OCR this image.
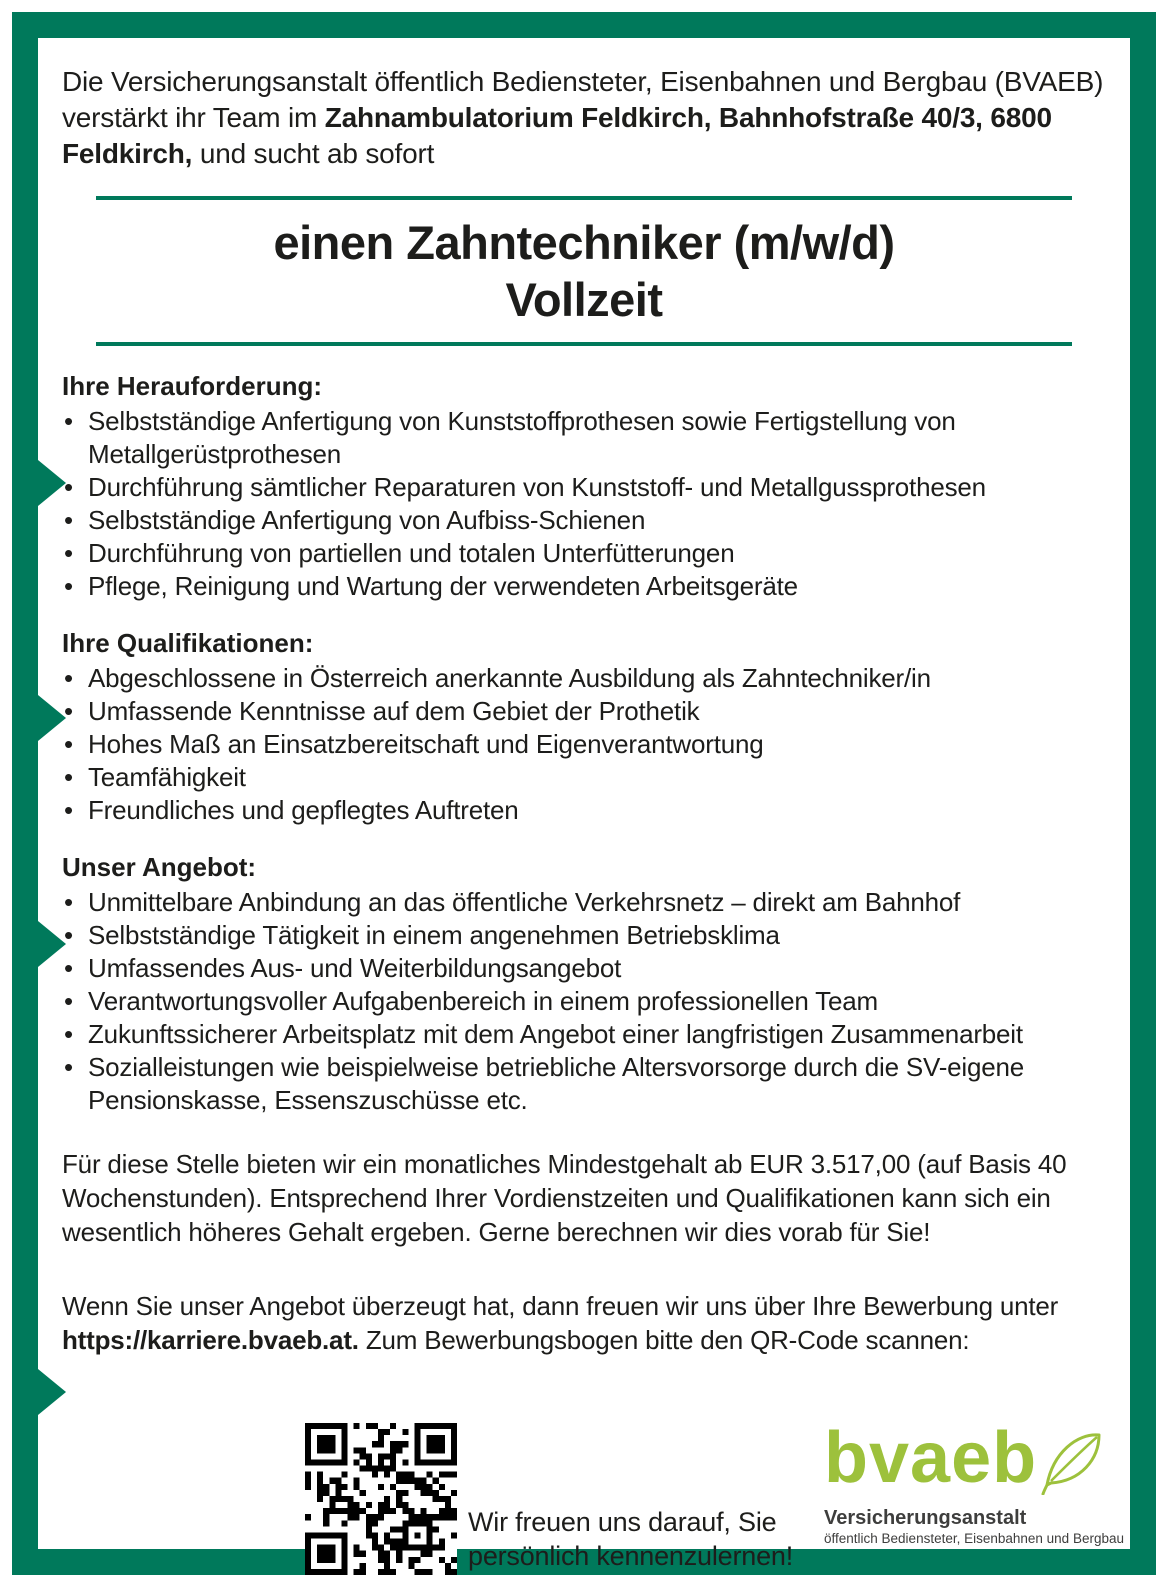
Die Versicherungsanstalt öffentlich Bediensteter, Eisenbahnen und Bergbau (BVAEB) verstärkt ihr Team im Zahnambulatorium Feldkirch, Bahnhofstraße 40/3, 6800 Feldkirch, und sucht ab sofort

einen Zahntechniker (m/w/d)
Vollzeit
Ihre Herauforderung:
• Selbstständige Anfertigung von Kunststoffprothesen sowie Fertigstellung von Metallgerüstprothesen
• Durchführung sämtlicher Reparaturen von Kunststoff- und Metallgussprothesen
• Selbstständige Anfertigung von Aufbiss-Schienen
• Durchführung von partiellen und totalen Unterfütterungen
• Pflege, Reinigung und Wartung der verwendeten Arbeitsgeräte
Ihre Qualifikationen:
• Abgeschlossene in Österreich anerkannte Ausbildung als Zahntechniker/in
• Umfassende Kenntnisse auf dem Gebiet der Prothetik
• Hohes Maß an Einsatzbereitschaft und Eigenverantwortung
• Teamfähigkeit
• Freundliches und gepflegtes Auftreten
Unser Angebot:
• Unmittelbare Anbindung an das öffentliche Verkehrsnetz – direkt am Bahnhof
• Selbstständige Tätigkeit in einem angenehmen Betriebsklima
• Umfassendes Aus- und Weiterbildungsangebot
• Verantwortungsvoller Aufgabenbereich in einem professionellen Team
• Zukunftssicherer Arbeitsplatz mit dem Angebot einer langfristigen Zusammenarbeit
• Sozialleistungen wie beispielweise betriebliche Altersvorsorge durch die SV-eigene Pensionskasse, Essenszuschüsse etc.

Für diese Stelle bieten wir ein monatliches Mindestgehalt ab EUR 3.517,00 (auf Basis 40 Wochenstunden). Entsprechend Ihrer Vordienstzeiten und Qualifikationen kann sich ein wesentlich höheres Gehalt ergeben. Gerne berechnen wir dies vorab für Sie!

Wenn Sie unser Angebot überzeugt hat, dann freuen wir uns über Ihre Bewerbung unter https://karriere.bvaeb.at. Zum Bewerbungsbogen bitte den QR-Code scannen:

Wir freuen uns darauf, Sie
persönlich kennenzulernen!
bvaeb
Versicherungsanstalt
öffentlich Bediensteter, Eisenbahnen und Bergbau
